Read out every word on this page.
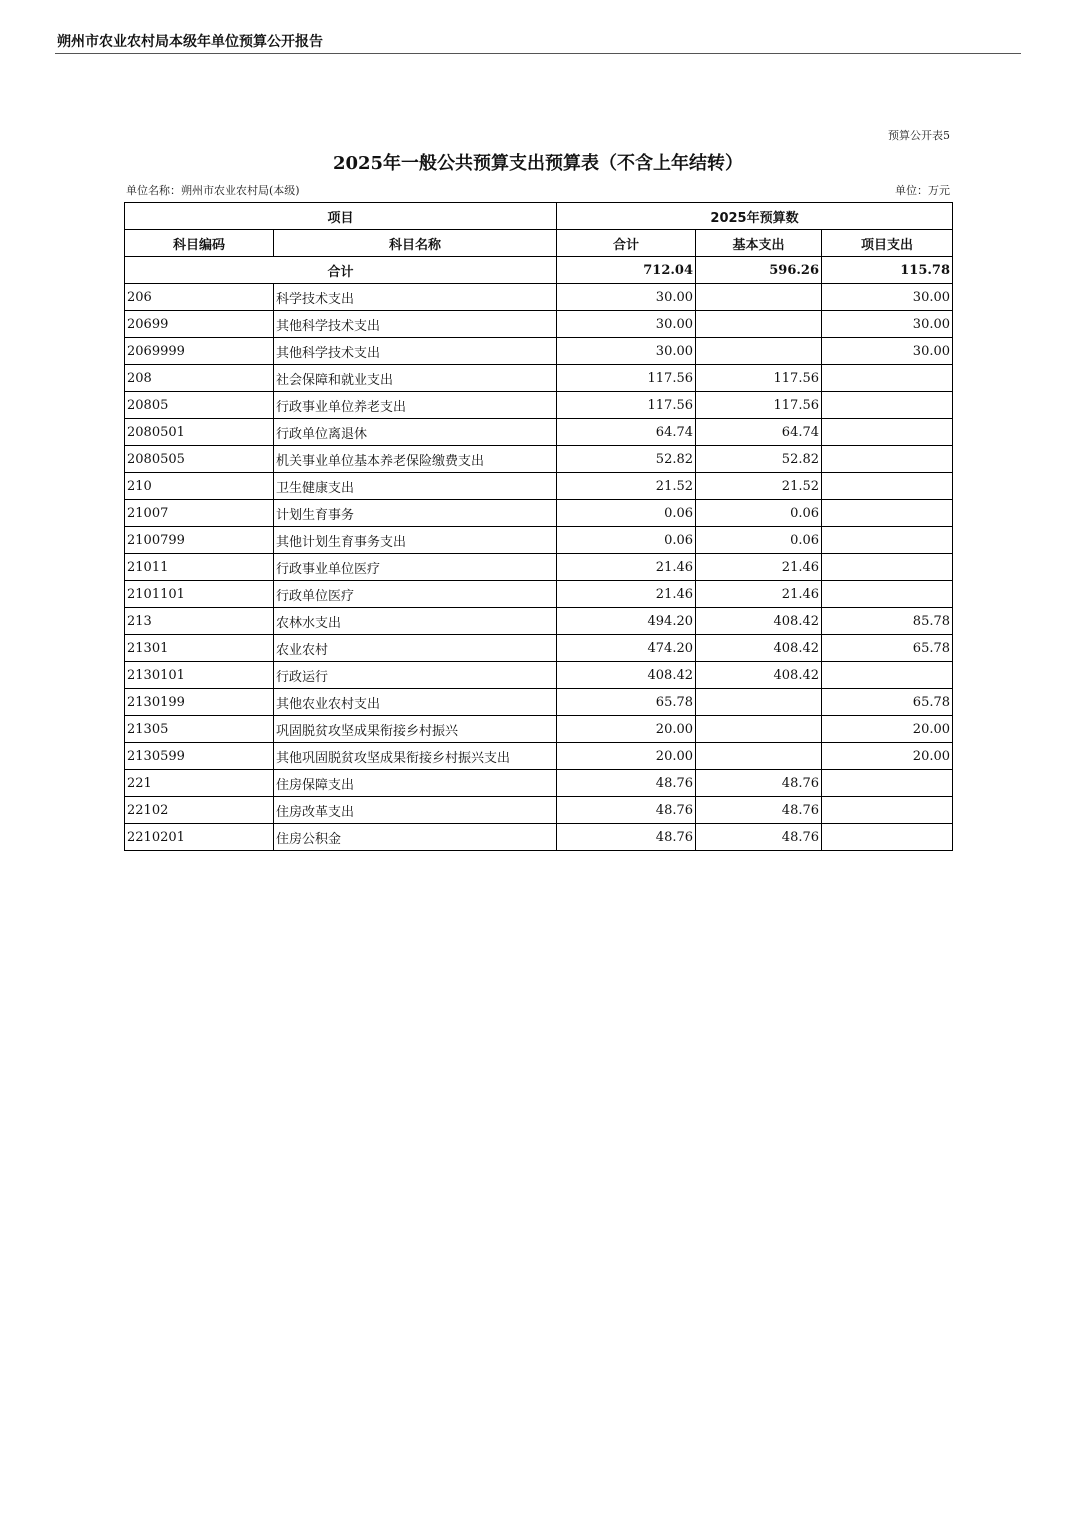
朔州市农业农村局本级年单位预算公开报告
预算公开表5
2025年一般公共预算支出预算表（不含上年结转）
单位名称：朔州市农业农村局(本级)	单位：万元
项目		2025年预算数		
科目编码	科目名称	合计	基本支出	项目支出
合计		712.04	596.26	115.78
206	科学技术支出	30.00		30.00
20699	其他科学技术支出	30.00		30.00
2069999	其他科学技术支出	30.00		30.00
208	社会保障和就业支出	117.56	117.56	
20805	行政事业单位养老支出	117.56	117.56	
2080501	行政单位离退休	64.74	64.74	
2080505	机关事业单位基本养老保险缴费支出	52.82	52.82	
210	卫生健康支出	21.52	21.52	
21007	计划生育事务	0.06	0.06	
2100799	其他计划生育事务支出	0.06	0.06	
21011	行政事业单位医疗	21.46	21.46	
2101101	行政单位医疗	21.46	21.46	
213	农林水支出	494.20	408.42	85.78
21301	农业农村	474.20	408.42	65.78
2130101	行政运行	408.42	408.42	
2130199	其他农业农村支出	65.78		65.78
21305	巩固脱贫攻坚成果衔接乡村振兴	20.00		20.00
2130599	其他巩固脱贫攻坚成果衔接乡村振兴支出	20.00		20.00
221	住房保障支出	48.76	48.76	
22102	住房改革支出	48.76	48.76	
2210201	住房公积金	48.76	48.76	
